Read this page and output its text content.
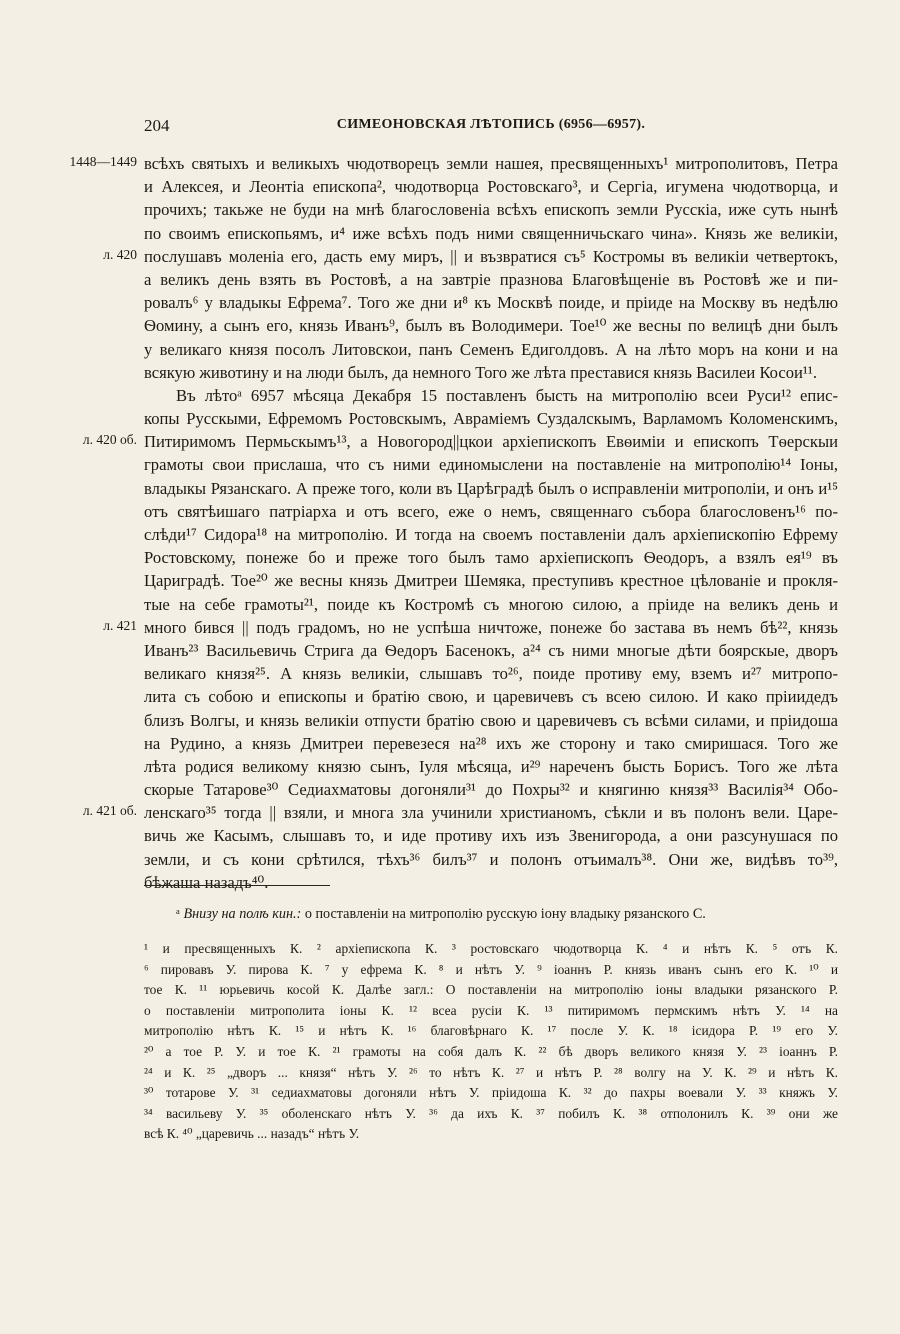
204	СИМЕОНОВСКАЯ ЛѢТОПИСЬ (6956—6957).
1448—1449 всѣхъ святыхъ и великыхъ чюдотворецъ земли нашея, пресвященныхъ¹ митрополитовъ, Петра
и Алексея, и Леонтіа епископа², чюдотворца Ростовскаго³, и Сергіа, игумена чюдотворца, и
прочихъ; такьже не буди на мнѣ благословеніа всѣхъ епископъ земли Русскіа, иже суть нынѣ
по своимъ епископьямъ, и⁴ иже всѣхъ подъ ними священничьскаго чина». Князь же великіи,
л. 420 послушавъ моленіа его, дасть ему миръ, || и възвратися съ⁵ Костромы въ великіи четвертокъ,
а великъ день взять въ Ростовѣ, а на завтріе празнова Благовѣщеніе въ Ростовѣ же и пи-
ровалъ⁶ у владыкы Ефрема⁷. Того же дни и⁸ къ Москвѣ поиде, и пріиде на Москву въ недѣлю
Ѳомину, а сынъ его, князь Иванъ⁹, былъ въ Володимери. Тое¹⁰ же весны по велицѣ дни былъ
у великаго князя посолъ Литовскои, панъ Семенъ Едиголдовъ. А на лѣто моръ на кони и на
всякую животину и на люди былъ, да немного Того же лѣта преставися князь Василеи Косои¹¹.
Въ лѣтоᵃ 6957 мѣсяца Декабря 15 поставленъ бысть на митрополію всеи Руси¹² епис-
копы Русскыми, Ефремомъ Ростовскымъ, Авраміемъ Суздалскымъ, Варламомъ Коломенскимъ,
л. 420 об. Питиримомъ Пермьскымъ¹³, а Новогород||цкои архіепископъ Евѳиміи и епископъ Тѳерскыи
грамоты свои прислаша, что съ ними единомыслени на поставленіе на митрополію¹⁴ Іоны,
владыкы Рязанскаго. А преже того, коли въ Царѣградѣ былъ о исправленіи митрополіи, и онъ и¹⁵
отъ святѣишаго патріарха и отъ всего, еже о немъ, священнаго събора благословенъ¹⁶ по-
слѣди¹⁷ Сидора¹⁸ на митрополію. И тогда на своемъ поставленіи далъ архіепископію Ефрему
Ростовскому, понеже бо и преже того былъ тамо архіепископъ Ѳеодоръ, а взялъ ея¹⁹ въ
Цариградѣ. Тое²⁰ же весны князь Дмитреи Шемяка, преступивъ крестное цѣлованіе и прокля-
тые на себе грамоты²¹, поиде къ Костромѣ съ многою силою, а пріиде на великъ день и
л. 421 много бився || подъ градомъ, но не успѣша ничтоже, понеже бо застава въ немъ бѣ²², князь
Иванъ²³ Васильевичь Стрига да Ѳедоръ Басенокъ, а²⁴ съ ними многые дѣти боярскые, дворъ
великаго князя²⁵. А князь великіи, слышавъ то²⁶, поиде противу ему, вземъ и²⁷ митропо-
лита съ собою и епископы и братію свою, и царевичевъ съ всею силою. И како пріиидедъ
близъ Волгы, и князь великіи отпусти братію свою и царевичевъ съ всѣми силами, и пріидоша
на Рудино, а князь Дмитреи перевезеся на²⁸ ихъ же сторону и тако смиришася. Того же
лѣта родися великому князю сынъ, Іуля мѣсяца, и²⁹ нареченъ бысть Борисъ. Того же лѣта
скорые Татарове³⁰ Седиахматовы догоняли³¹ до Похры³² и княгиню князя³³ Василія³⁴ Обо-
л. 421 об. ленскаго³⁵ тогда || взяли, и многа зла учинили христианомъ, сѣкли и въ полонъ вели. Царе-
вичь же Касымъ, слышавъ то, и иде противу ихъ изъ Звенигорода, а они разсунушася по
земли, и съ кони срѣтился, тѣхъ³⁶ билъ³⁷ и полонъ отъималъ³⁸. Они же, видѣвъ то³⁹,
бѣжаша назадъ⁴⁰.
ᵃ Внизу на полѣ кин.: о поставленіи на митрополію русскую іону владыку рязанского С.
¹ и пресвященныхъ К. ² архіепископа К. ³ ростовскаго чюдотворца К. ⁴ и нѣтъ К. ⁵ отъ К.
⁶ пировавъ У. пирова К. ⁷ у ефрема К. ⁸ и нѣтъ У. ⁹ іоаннъ Р. князь иванъ сынъ его К. ¹⁰ и
тое К. ¹¹ юрьевичь косой К. Далѣе загл.: О поставленіи на митрополію іоны владыки рязанского Р.
о поставленіи митрополита іоны К. ¹² всеа русіи К. ¹³ питиримомъ пермскимъ нѣтъ У. ¹⁴ на
митрополію нѣтъ К. ¹⁵ и нѣтъ К. ¹⁶ благовѣрнаго К. ¹⁷ после У. К. ¹⁸ ісидора Р. ¹⁹ его У.
²⁰ а тое Р. У. и тое К. ²¹ грамоты на собя далъ К. ²² бѣ дворъ великого князя У. ²³ іоаннъ Р.
²⁴ и К. ²⁵ „дворъ ... князя“ нѣтъ У. ²⁶ то нѣтъ К. ²⁷ и нѣтъ Р. ²⁸ волгу на У. К. ²⁹ и нѣтъ К.
³⁰ тотарове У. ³¹ седиахматовы догоняли нѣтъ У. пріидоша К. ³² до пахры воевали У. ³³ княжъ У.
³⁴ васильеву У. ³⁵ оболенскаго нѣтъ У. ³⁶ да ихъ К. ³⁷ побилъ К. ³⁸ отполонилъ К. ³⁹ они же
всѣ К. ⁴⁰ „царевичь ... назадъ“ нѣтъ У.
